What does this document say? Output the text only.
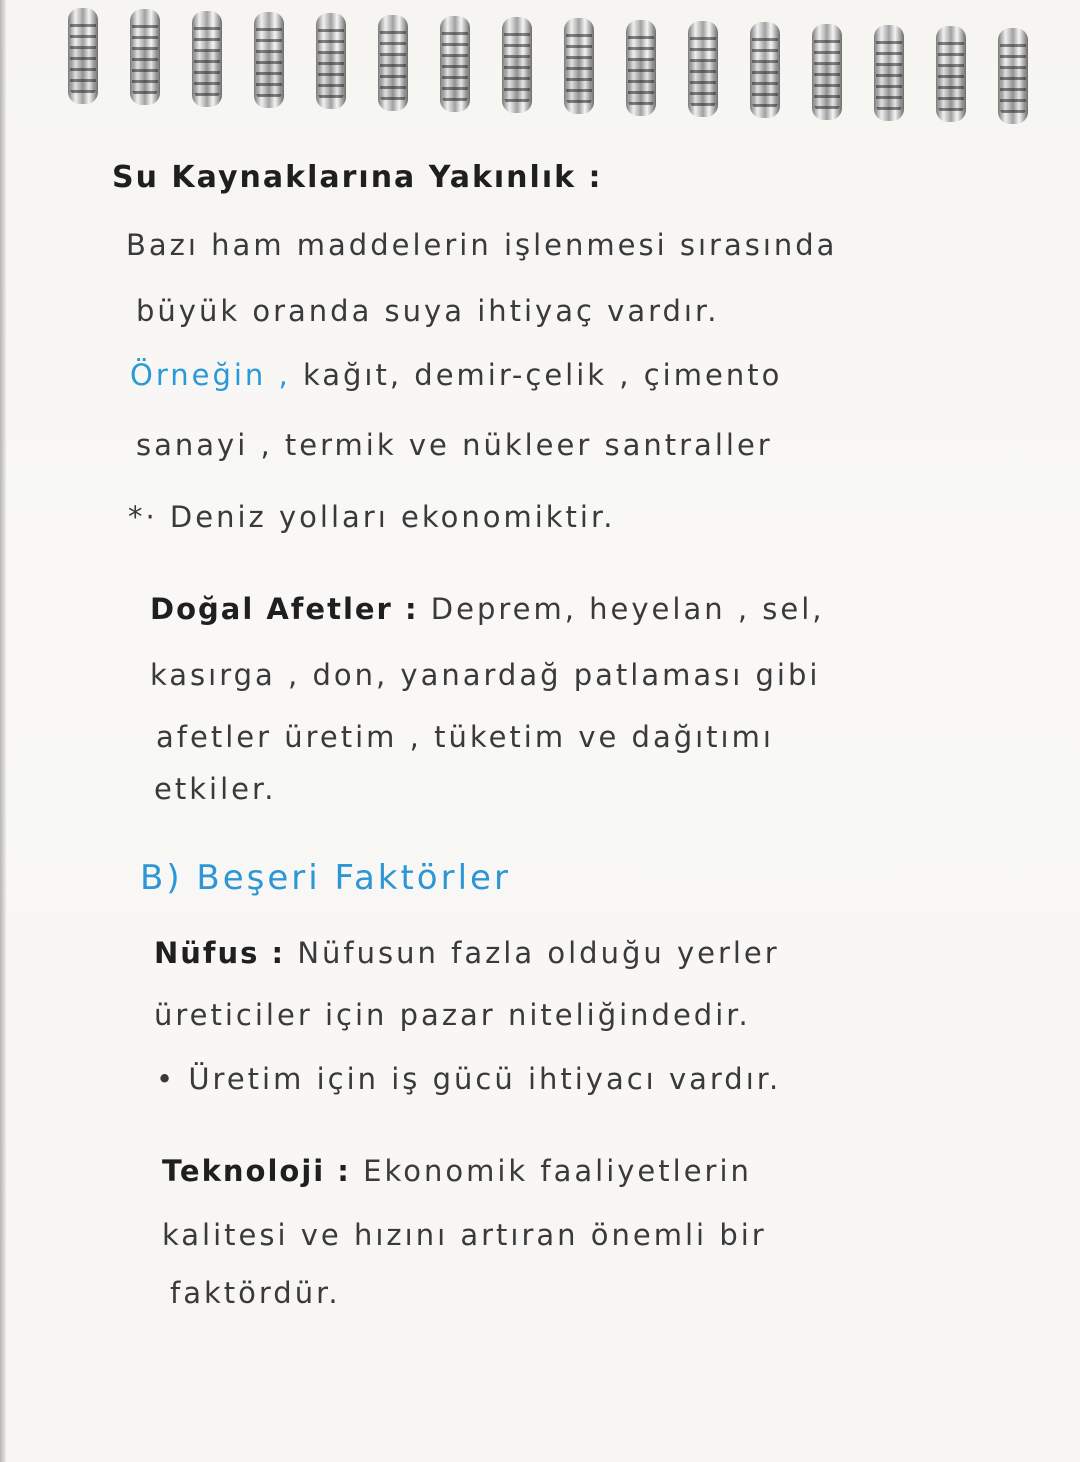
Su Kaynaklarına Yakınlık :
Bazı ham maddelerin işlenmesi sırasında
büyük oranda suya ihtiyaç vardır.
Örneğin , kağıt, demir-çelik , çimento
sanayi , termik ve nükleer santraller
*· Deniz yolları ekonomiktir.
Doğal Afetler : Deprem, heyelan , sel,
kasırga , don, yanardağ patlaması gibi
afetler üretim , tüketim ve dağıtımı
etkiler.
B) Beşeri Faktörler
Nüfus : Nüfusun fazla olduğu yerler
üreticiler için pazar niteliğindedir.
• Üretim için iş gücü ihtiyacı vardır.
Teknoloji : Ekonomik faaliyetlerin
kalitesi ve hızını artıran önemli bir
faktördür.
